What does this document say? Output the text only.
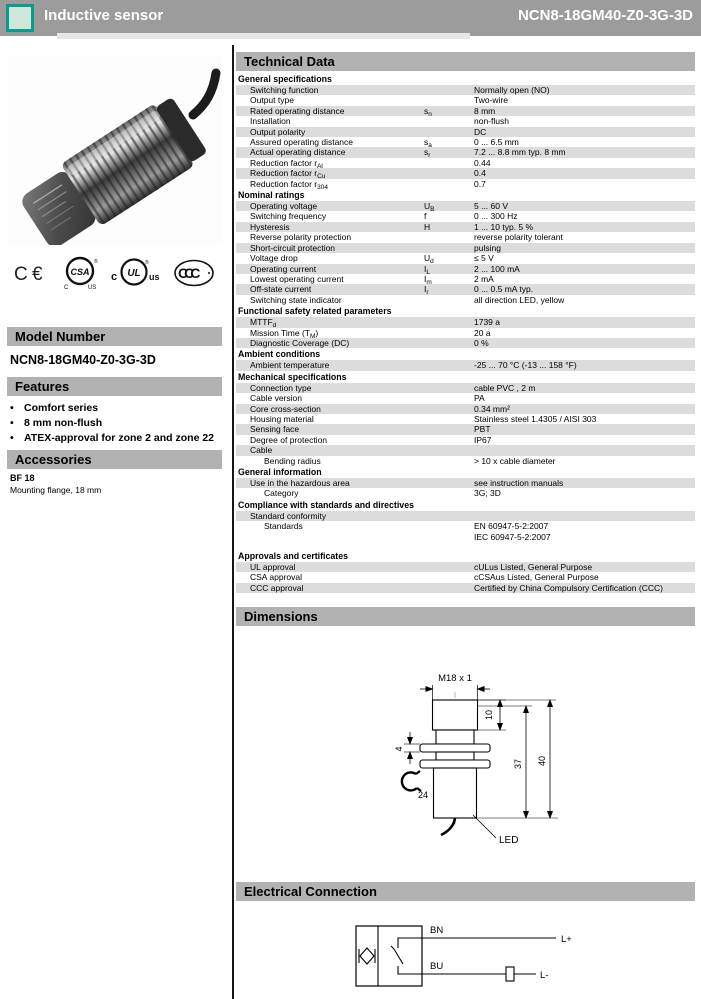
Inductive sensor	NCN8-18GM40-Z0-3G-3D
C €	CSA
®
C	US
c UL
®
us CCC
Model Number
NCN8-18GM40-Z0-3G-3D
Features
• Comfort series
• 8 mm non-flush
• ATEX-approval for zone 2 and zone 22
Accessories
BF 18
Mounting flange, 18 mm
Technical Data
General specifications
Switching function	Normally open (NO)
Output type	Two-wire
Rated operating distance	$s_n$	8 mm
Installation	non-flush
Output polarity	DC
Assured operating distance	$s_a$	0 ... 6.5 mm
Actual operating distance	$s_r$	7.2 ... 8.8 mm typ. 8 mm
Reduction factor $r_{Al}$	0.44
Reduction factor $r_{Cu}$	0.4
Reduction factor $r_{304}$	0.7
Nominal ratings
Operating voltage	$U_B$	5 ... 60 V
Switching frequency	f	0 ... 300 Hz
Hysteresis	H	1 ... 10 typ. 5 %
Reverse polarity protection	reverse polarity tolerant
Short-circuit protection	pulsing
Voltage drop	$U_d$	≤ 5 V
Operating current	$I_L$	2 ... 100 mA
Lowest operating current	$I_m$	2 mA
Off-state current	$I_r$	0 ... 0.5 mA typ.
Switching state indicator	all direction LED, yellow
Functional safety related parameters
$MTTF_d$	1739 a
Mission Time $(T_M)$	20 a
Diagnostic Coverage (DC)	0 %
Ambient conditions
Ambient temperature	-25 ... 70 °C (-13 ... 158 °F)
Mechanical specifications
Connection type	cable PVC , 2 m
Cable version	PA
Core cross-section	0.34 mm²
Housing material	Stainless steel 1.4305 / AISI 303
Sensing face	PBT
Degree of protection	IP67
Cable
Bending radius	> 10 x cable diameter
General information
Use in the hazardous area	see instruction manuals
Category	3G; 3D
Compliance with standards and directives
Standard conformity
Standards	EN 60947-5-2:2007
IEC 60947-5-2:2007
Approvals and certificates
UL approval	cULus Listed, General Purpose
CSA approval	cCSAus Listed, General Purpose
CCC approval	Certified by China Compulsory Certification (CCC)
Dimensions
M18 x 1
10
37 40
4
24
LED
Electrical Connection
BN
L+
BU
L-
